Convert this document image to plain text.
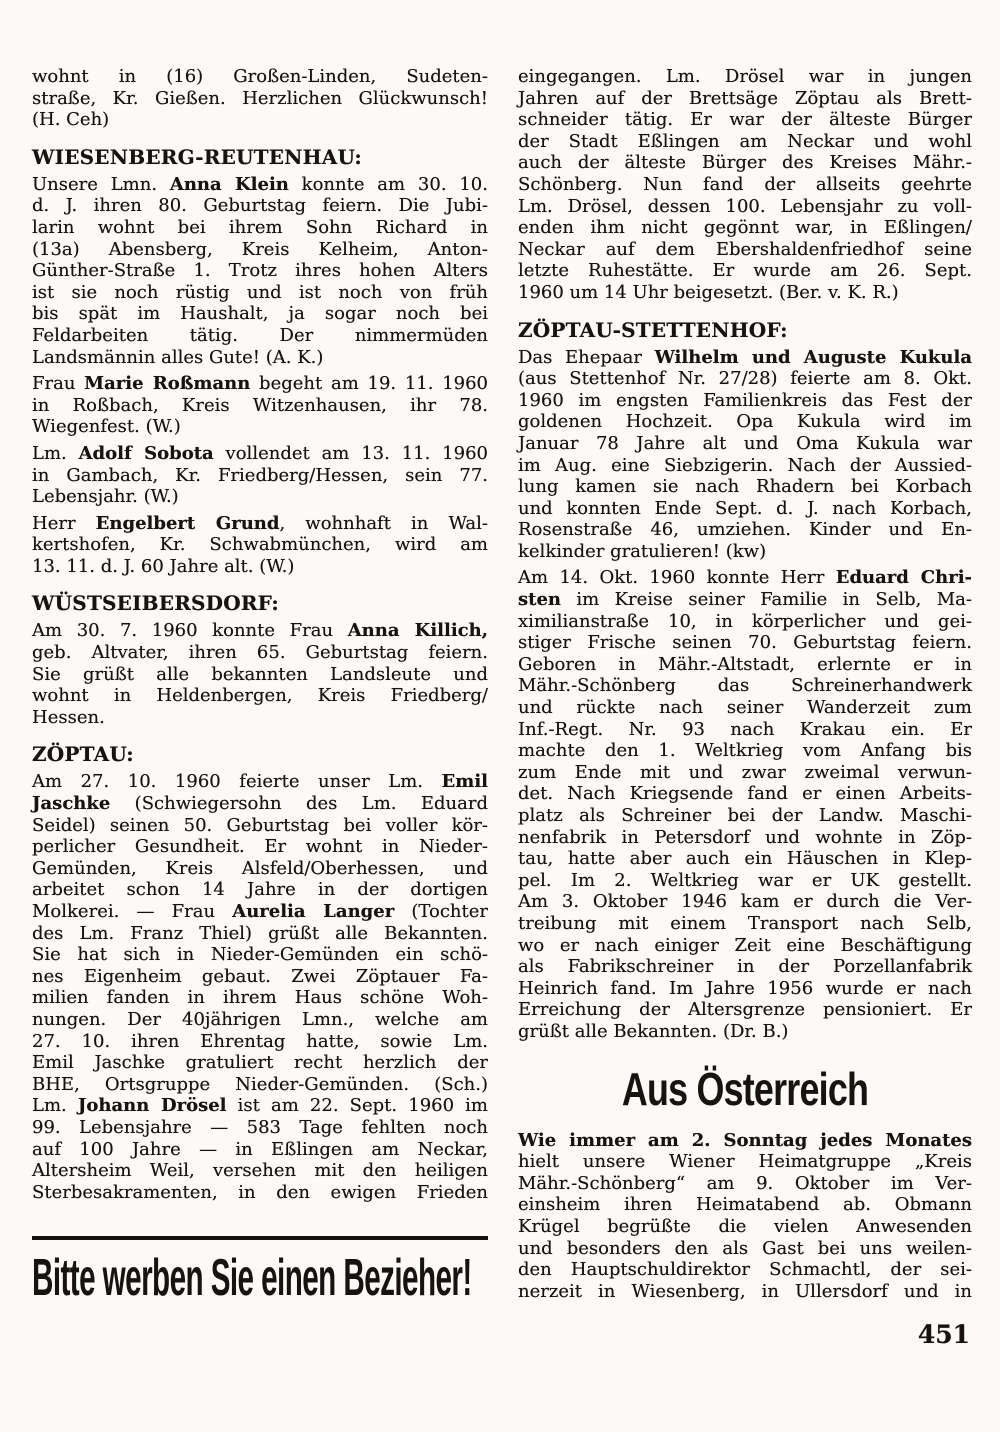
wohnt in (16) Großen-Linden, Sudeten-
straße, Kr. Gießen. Herzlichen Glückwunsch!
(H. Ceh)
WIESENBERG-REUTENHAU:
Unsere Lmn. Anna Klein konnte am 30. 10.
d. J. ihren 80. Geburtstag feiern. Die Jubi-
larin wohnt bei ihrem Sohn Richard in
(13a) Abensberg, Kreis Kelheim, Anton-
Günther-Straße 1. Trotz ihres hohen Alters
ist sie noch rüstig und ist noch von früh
bis spät im Haushalt, ja sogar noch bei
Feldarbeiten tätig. Der nimmermüden
Landsmännin alles Gute! (A. K.)
Frau Marie Roßmann begeht am 19. 11. 1960
in Roßbach, Kreis Witzenhausen, ihr 78.
Wiegenfest. (W.)
Lm. Adolf Sobota vollendet am 13. 11. 1960
in Gambach, Kr. Friedberg/Hessen, sein 77.
Lebensjahr. (W.)
Herr Engelbert Grund, wohnhaft in Wal-
kertshofen, Kr. Schwabmünchen, wird am
13. 11. d. J. 60 Jahre alt. (W.)
WÜSTSEIBERSDORF:
Am 30. 7. 1960 konnte Frau Anna Killich,
geb. Altvater, ihren 65. Geburtstag feiern.
Sie grüßt alle bekannten Landsleute und
wohnt in Heldenbergen, Kreis Friedberg/
Hessen.
ZÖPTAU:
Am 27. 10. 1960 feierte unser Lm. Emil
Jaschke (Schwiegersohn des Lm. Eduard
Seidel) seinen 50. Geburtstag bei voller kör-
perlicher Gesundheit. Er wohnt in Nieder-
Gemünden, Kreis Alsfeld/Oberhessen, und
arbeitet schon 14 Jahre in der dortigen
Molkerei. — Frau Aurelia Langer (Tochter
des Lm. Franz Thiel) grüßt alle Bekannten.
Sie hat sich in Nieder-Gemünden ein schö-
nes Eigenheim gebaut. Zwei Zöptauer Fa-
milien fanden in ihrem Haus schöne Woh-
nungen. Der 40jährigen Lmn., welche am
27. 10. ihren Ehrentag hatte, sowie Lm.
Emil Jaschke gratuliert recht herzlich der
BHE, Ortsgruppe Nieder-Gemünden. (Sch.)
Lm. Johann Drösel ist am 22. Sept. 1960 im
99. Lebensjahre — 583 Tage fehlten noch
auf 100 Jahre — in Eßlingen am Neckar,
Altersheim Weil, versehen mit den heiligen
Sterbesakramenten, in den ewigen Frieden
eingegangen. Lm. Drösel war in jungen
Jahren auf der Brettsäge Zöptau als Brett-
schneider tätig. Er war der älteste Bürger
der Stadt Eßlingen am Neckar und wohl
auch der älteste Bürger des Kreises Mähr.-
Schönberg. Nun fand der allseits geehrte
Lm. Drösel, dessen 100. Lebensjahr zu voll-
enden ihm nicht gegönnt war, in Eßlingen/
Neckar auf dem Ebershaldenfriedhof seine
letzte Ruhestätte. Er wurde am 26. Sept.
1960 um 14 Uhr beigesetzt. (Ber. v. K. R.)
ZÖPTAU-STETTENHOF:
Das Ehepaar Wilhelm und Auguste Kukula
(aus Stettenhof Nr. 27/28) feierte am 8. Okt.
1960 im engsten Familienkreis das Fest der
goldenen Hochzeit. Opa Kukula wird im
Januar 78 Jahre alt und Oma Kukula war
im Aug. eine Siebzigerin. Nach der Aussied-
lung kamen sie nach Rhadern bei Korbach
und konnten Ende Sept. d. J. nach Korbach,
Rosenstraße 46, umziehen. Kinder und En-
kelkinder gratulieren! (kw)
Am 14. Okt. 1960 konnte Herr Eduard Chri-
sten im Kreise seiner Familie in Selb, Ma-
ximilianstraße 10, in körperlicher und gei-
stiger Frische seinen 70. Geburtstag feiern.
Geboren in Mähr.-Altstadt, erlernte er in
Mähr.-Schönberg das Schreinerhandwerk
und rückte nach seiner Wanderzeit zum
Inf.-Regt. Nr. 93 nach Krakau ein. Er
machte den 1. Weltkrieg vom Anfang bis
zum Ende mit und zwar zweimal verwun-
det. Nach Kriegsende fand er einen Arbeits-
platz als Schreiner bei der Landw. Maschi-
nenfabrik in Petersdorf und wohnte in Zöp-
tau, hatte aber auch ein Häuschen in Klep-
pel. Im 2. Weltkrieg war er UK gestellt.
Am 3. Oktober 1946 kam er durch die Ver-
treibung mit einem Transport nach Selb,
wo er nach einiger Zeit eine Beschäftigung
als Fabrikschreiner in der Porzellanfabrik
Heinrich fand. Im Jahre 1956 wurde er nach
Erreichung der Altersgrenze pensioniert. Er
grüßt alle Bekannten. (Dr. B.)
Aus Österreich
Wie immer am 2. Sonntag jedes Monates
hielt unsere Wiener Heimatgruppe „Kreis
Mähr.-Schönberg“ am 9. Oktober im Ver-
einsheim ihren Heimatabend ab. Obmann
Krügel begrüßte die vielen Anwesenden
und besonders den als Gast bei uns weilen-
den Hauptschuldirektor Schmachtl, der sei-
nerzeit in Wiesenberg, in Ullersdorf und in
Bitte werben Sie einen Bezieher!
451
